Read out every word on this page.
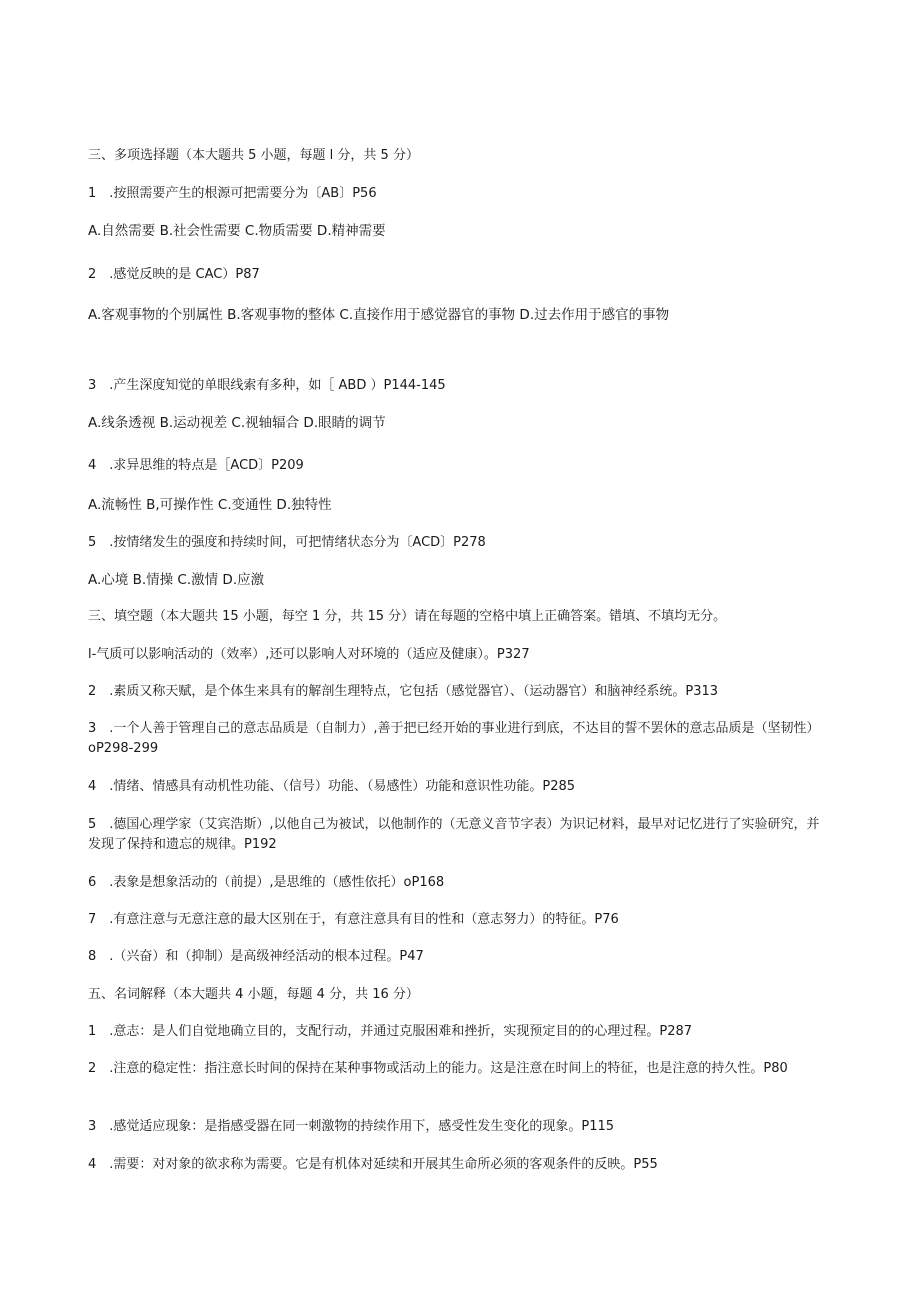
三、多项选择题（本大题共 5 小题，每题 l 分，共 5 分）
1　.按照需要产生的根源可把需要分为〔AB〕P56
A.自然需要 B.社会性需要 C.物质需要 D.精神需要
2　.感觉反映的是 CAC）P87
A.客观事物的个别属性 B.客观事物的整体 C.直接作用于感觉器官的事物 D.过去作用于感官的事物
3　.产生深度知觉的单眼线索有多种，如［ ABD ）P144-145
A.线条透视 B.运动视差 C.视轴辐合 D.眼睛的调节
4　.求异思维的特点是［ACD〕P209
A.流畅性 B,可操作性 C.变通性 D.独特性
5　.按情绪发生的强度和持续时间，可把情绪状态分为〔ACD〕P278
A.心境 B.情操 C.激情 D.应激
三、填空题（本大题共 15 小题，每空 1 分，共 15 分）请在每题的空格中填上正确答案。错填、不填均无分。
l-气质可以影响活动的（效率）,还可以影响人对环境的（适应及健康）。P327
2　.素质又称天赋，是个体生来具有的解剖生理特点，它包括（感觉器官）、（运动器官）和脑神经系统。P313
3　.一个人善于管理自己的意志品质是（自制力）,善于把已经开始的事业进行到底，不达目的誓不罢休的意志品质是（坚韧性）oP298-299
4　.情绪、情感具有动机性功能、（信号）功能、（易感性）功能和意识性功能。P285
5　.德国心理学家（艾宾浩斯）,以他自己为被试，以他制作的（无意义音节字表）为识记材料，最早对记忆进行了实验研究，并发现了保持和遗忘的规律。P192
6　.表象是想象活动的（前提）,是思维的（感性依托）oP168
7　.有意注意与无意注意的最大区别在于，有意注意具有目的性和（意志努力）的特征。P76
8　.（兴奋）和（抑制）是高级神经活动的根本过程。P47
五、名词解释（本大题共 4 小题，每题 4 分，共 16 分）
1　.意志：是人们自觉地确立目的，支配行动，并通过克服困难和挫折，实现预定目的的心理过程。P287
2　.注意的稳定性：指注意长时间的保持在某种事物或活动上的能力。这是注意在时间上的特征，也是注意的持久性。P80
3　.感觉适应现象：是指感受器在同一刺激物的持续作用下，感受性发生变化的现象。P115
4　.需要：对对象的欲求称为需要。它是有机体对延续和开展其生命所必须的客观条件的反映。P55
